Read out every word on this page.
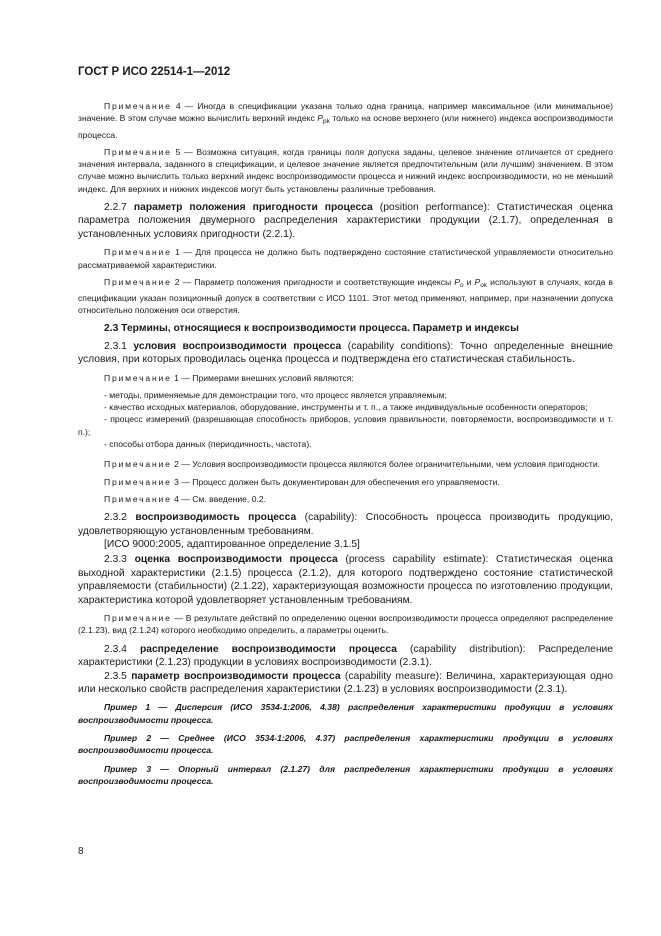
ГОСТ Р ИСО 22514-1—2012

Примечание 4 — Иногда в спецификации указана только одна граница, например максимальное (или минимальное) значение. В этом случае можно вычислить верхний индекс $P_{pk}$ только на основе верхнего (или нижнего) индекса воспроизводимости процесса.

Примечание 5 — Возможна ситуация, когда границы поля допуска заданы, целевое значение отличается от среднего значения интервала, заданного в спецификации, и целевое значение является предпочтительным (или лучшим) значением. В этом случае можно вычислить только верхний индекс воспроизводимости процесса и нижний индекс воспроизводимости, но не меньший индекс. Для верхних и нижних индексов могут быть установлены различные требования.

2.2.7 параметр положения пригодности процесса (position performance): Статистическая оценка параметра положения двумерного распределения характеристики продукции (2.1.7), определенная в установленных условиях пригодности (2.2.1).

Примечание 1 — Для процесса не должно быть подтверждено состояние статистической управляемости относительно рассматриваемой характеристики.

Примечание 2 — Параметр положения пригодности и соответствующие индексы $P_o$ и $P_{ok}$ используют в случаях, когда в спецификации указан позиционный допуск в соответствии с ИСО 1101. Этот метод применяют, например, при назначении допуска относительно положения оси отверстия.

2.3 Термины, относящиеся к воспроизводимости процесса. Параметр и индексы

2.3.1 условия воспроизводимости процесса (capability conditions): Точно определенные внешние условия, при которых проводилась оценка процесса и подтверждена его статистическая стабильность.

Примечание 1 — Примерами внешних условий являются:

- методы, применяемые для демонстрации того, что процесс является управляемым;

- качество исходных материалов, оборудование, инструменты и т. п., а также индивидуальные особенности операторов;

- процесс измерений (разрешающая способность приборов, условия правильности, повторяемости, воспроизводимости и т. п.);

- способы отбора данных (периодичность, частота).

Примечание 2 — Условия воспроизводимости процесса являются более ограничительными, чем условия пригодности.

Примечание 3 — Процесс должен быть документирован для обеспечения его управляемости.

Примечание 4 — См. введение, 0.2.

2.3.2 воспроизводимость процесса (capability): Способность процесса производить продукцию, удовлетворяющую установленным требованиям.

[ИСО 9000:2005, адаптированное определение 3.1.5]

2.3.3 оценка воспроизводимости процесса (process capability estimate): Статистическая оценка выходной характеристики (2.1.5) процесса (2.1.2), для которого подтверждено состояние статистической управляемости (стабильности) (2.1.22), характеризующая возможности процесса по изготовлению продукции, характеристика которой удовлетворяет установленным требованиям.

Примечание — В результате действий по определению оценки воспроизводимости процесса определяют распределение (2.1.23), вид (2.1.24) которого необходимо определить, а параметры оценить.

2.3.4 распределение воспроизводимости процесса (capability distribution): Распределение характеристики (2.1.23) продукции в условиях воспроизводимости (2.3.1).

2.3.5 параметр воспроизводимости процесса (capability measure): Величина, характеризующая одно или несколько свойств распределения характеристики (2.1.23) в условиях воспроизводимости (2.3.1).

Пример 1 — Дисперсия (ИСО 3534-1:2006, 4.38) распределения характеристики продукции в условиях воспроизводимости процесса.

Пример 2 — Среднее (ИСО 3534-1:2006, 4.37) распределения характеристики продукции в условиях воспроизводимости процесса.

Пример 3 — Опорный интервал (2.1.27) для распределения характеристики продукции в условиях воспроизводимости процесса.

8
